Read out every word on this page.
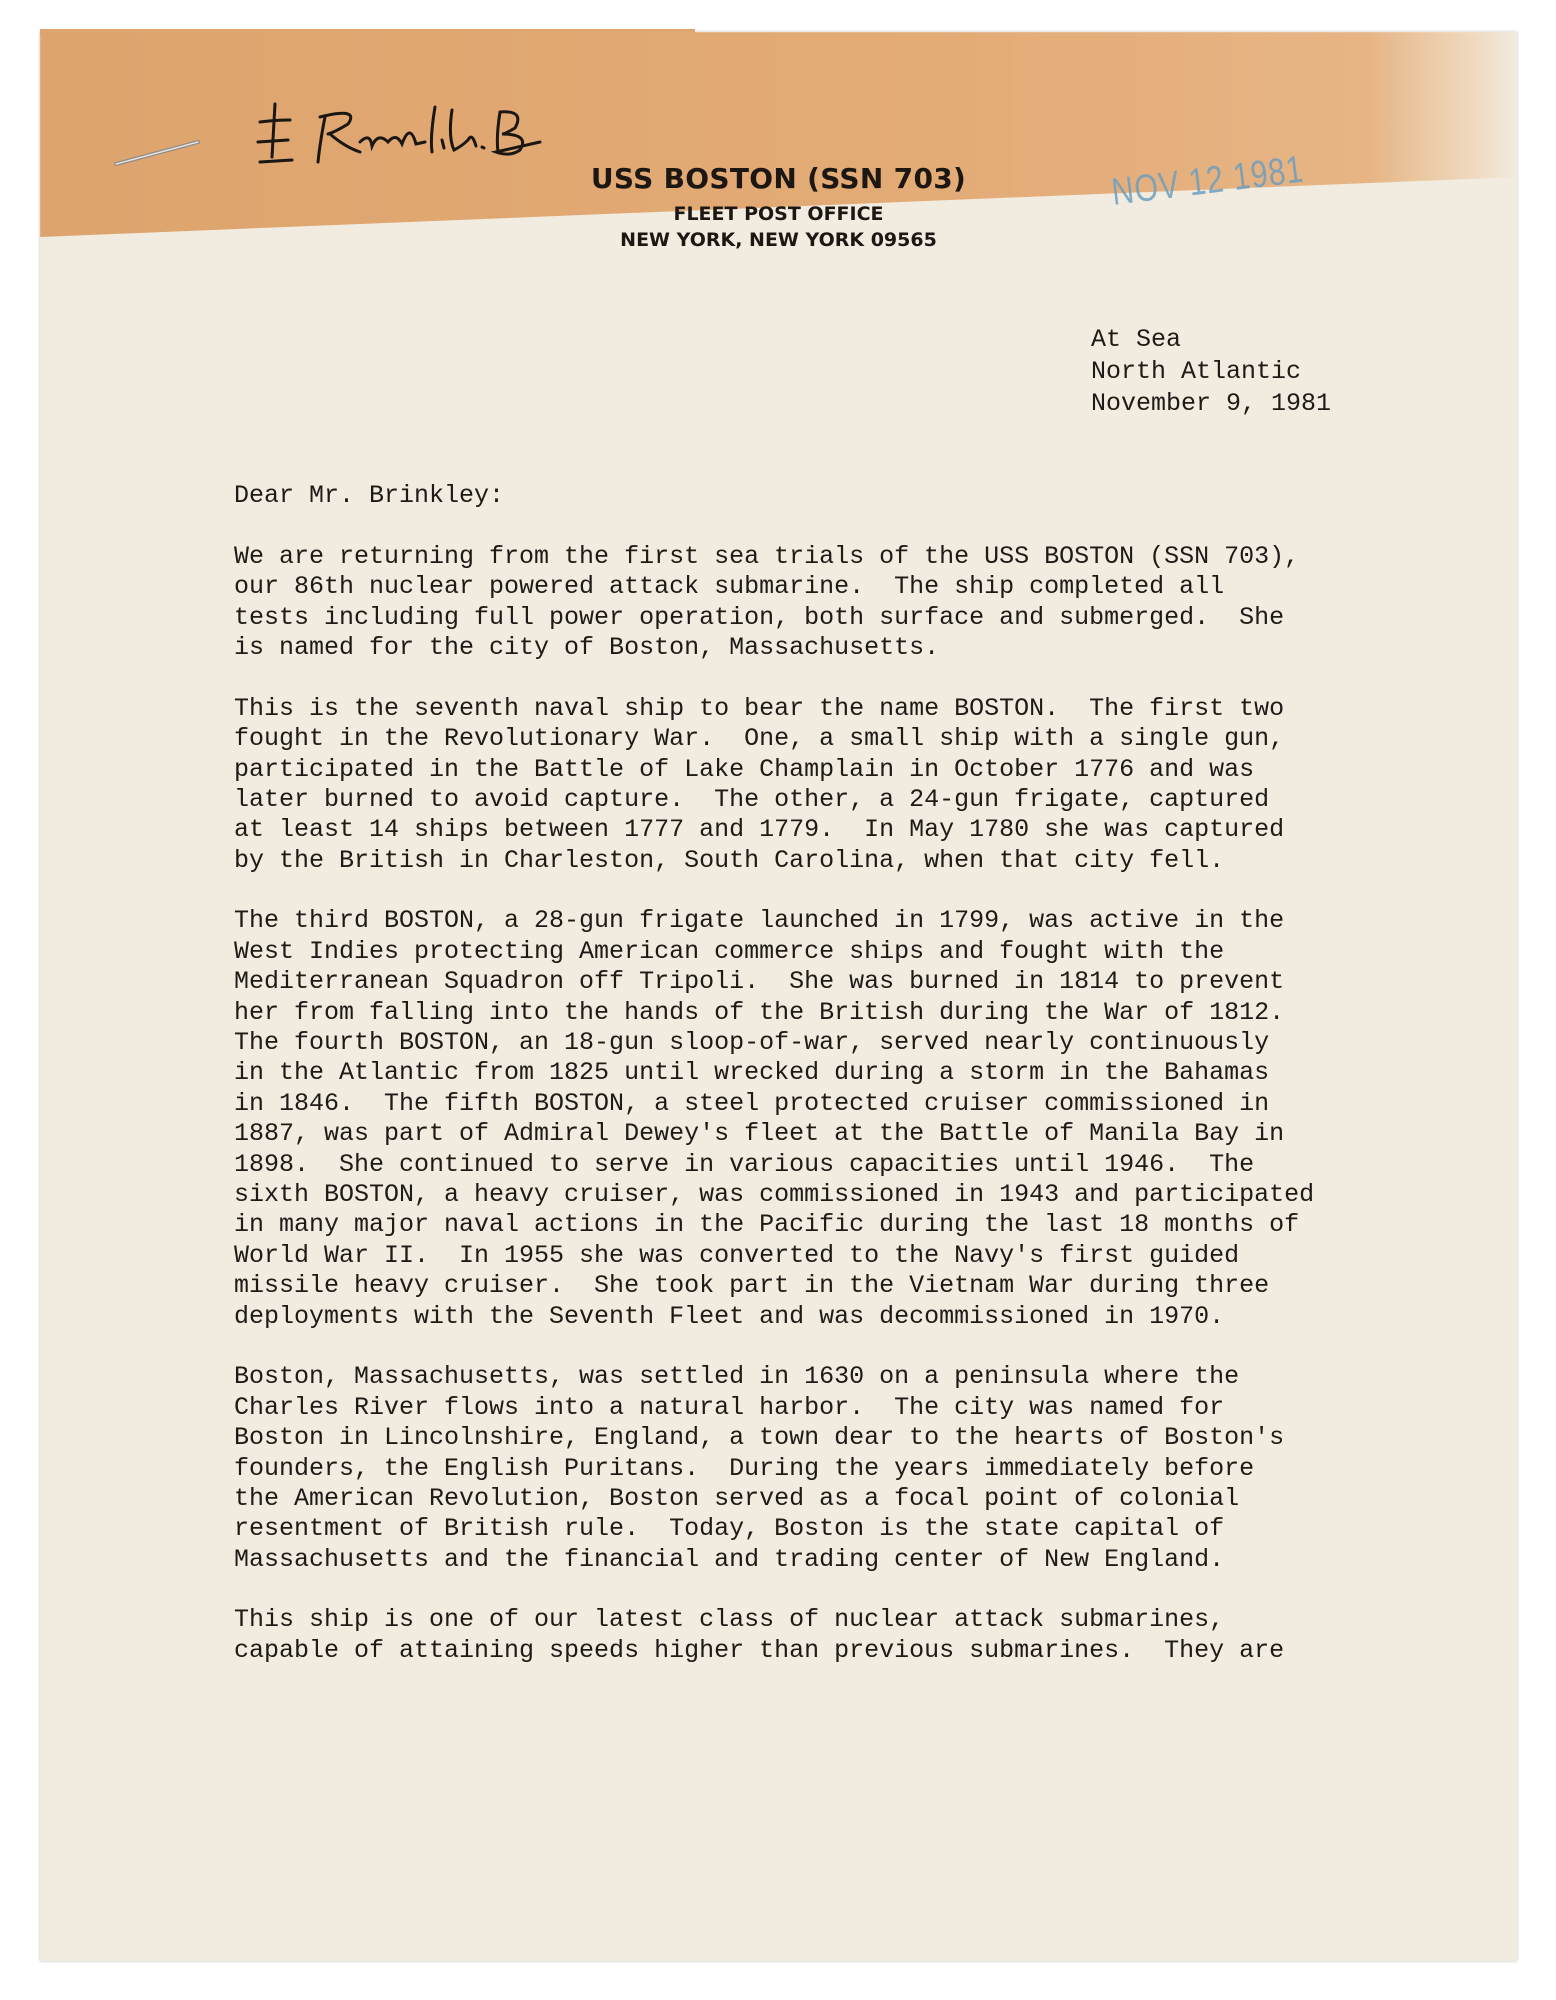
USS BOSTON (SSN 703)
FLEET POST OFFICE
NEW YORK, NEW YORK 09565
NOV 12 1981
At Sea
North Atlantic
November 9, 1981
Dear Mr. Brinkley:
We are returning from the first sea trials of the USS BOSTON (SSN 703),
our 86th nuclear powered attack submarine.  The ship completed all
tests including full power operation, both surface and submerged.  She
is named for the city of Boston, Massachusetts.
This is the seventh naval ship to bear the name BOSTON.  The first two
fought in the Revolutionary War.  One, a small ship with a single gun,
participated in the Battle of Lake Champlain in October 1776 and was
later burned to avoid capture.  The other, a 24-gun frigate, captured
at least 14 ships between 1777 and 1779.  In May 1780 she was captured
by the British in Charleston, South Carolina, when that city fell.
The third BOSTON, a 28-gun frigate launched in 1799, was active in the
West Indies protecting American commerce ships and fought with the
Mediterranean Squadron off Tripoli.  She was burned in 1814 to prevent
her from falling into the hands of the British during the War of 1812.
The fourth BOSTON, an 18-gun sloop-of-war, served nearly continuously
in the Atlantic from 1825 until wrecked during a storm in the Bahamas
in 1846.  The fifth BOSTON, a steel protected cruiser commissioned in
1887, was part of Admiral Dewey's fleet at the Battle of Manila Bay in
1898.  She continued to serve in various capacities until 1946.  The
sixth BOSTON, a heavy cruiser, was commissioned in 1943 and participated
in many major naval actions in the Pacific during the last 18 months of
World War II.  In 1955 she was converted to the Navy's first guided
missile heavy cruiser.  She took part in the Vietnam War during three
deployments with the Seventh Fleet and was decommissioned in 1970.
Boston, Massachusetts, was settled in 1630 on a peninsula where the
Charles River flows into a natural harbor.  The city was named for
Boston in Lincolnshire, England, a town dear to the hearts of Boston's
founders, the English Puritans.  During the years immediately before
the American Revolution, Boston served as a focal point of colonial
resentment of British rule.  Today, Boston is the state capital of
Massachusetts and the financial and trading center of New England.
This ship is one of our latest class of nuclear attack submarines,
capable of attaining speeds higher than previous submarines.  They are
